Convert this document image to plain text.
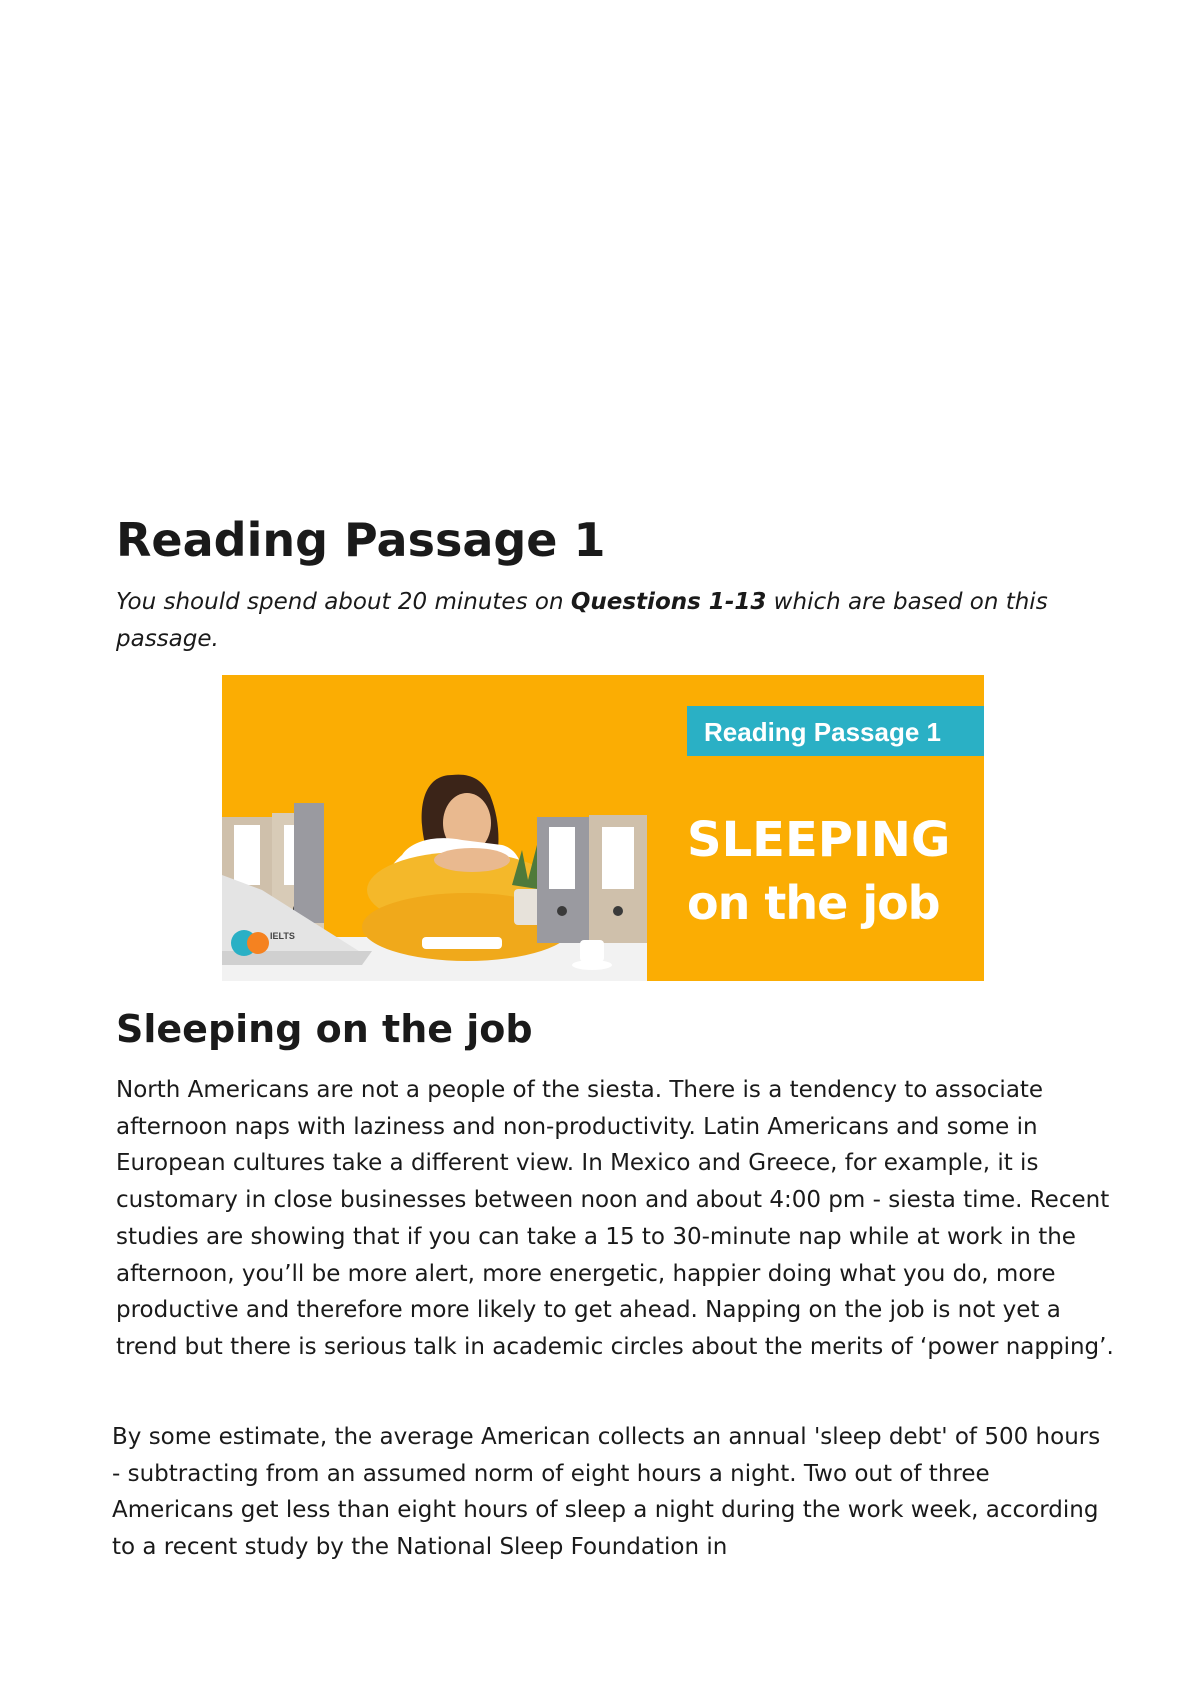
Reading Passage 1

You should spend about 20 minutes on Questions 1-13 which are based on this passage.

IELTS
Reading Passage 1
SLEEPING
on the job
Sleeping on the job

North Americans are not a people of the siesta. There is a tendency to associate afternoon naps with laziness and non-productivity. Latin Americans and some in European cultures take a different view. In Mexico and Greece, for example, it is customary in close businesses between noon and about 4:00 pm - siesta time. Recent studies are showing that if you can take a 15 to 30-minute nap while at work in the afternoon, you’ll be more alert, more energetic, happier doing what you do, more productive and therefore more likely to get ahead. Napping on the job is not yet a trend but there is serious talk in academic circles about the merits of ‘power napping’.

By some estimate, the average American collects an annual 'sleep debt' of 500 hours - subtracting from an assumed norm of eight hours a night. Two out of three Americans get less than eight hours of sleep a night during the work week, according to a recent study by the National Sleep Foundation in
